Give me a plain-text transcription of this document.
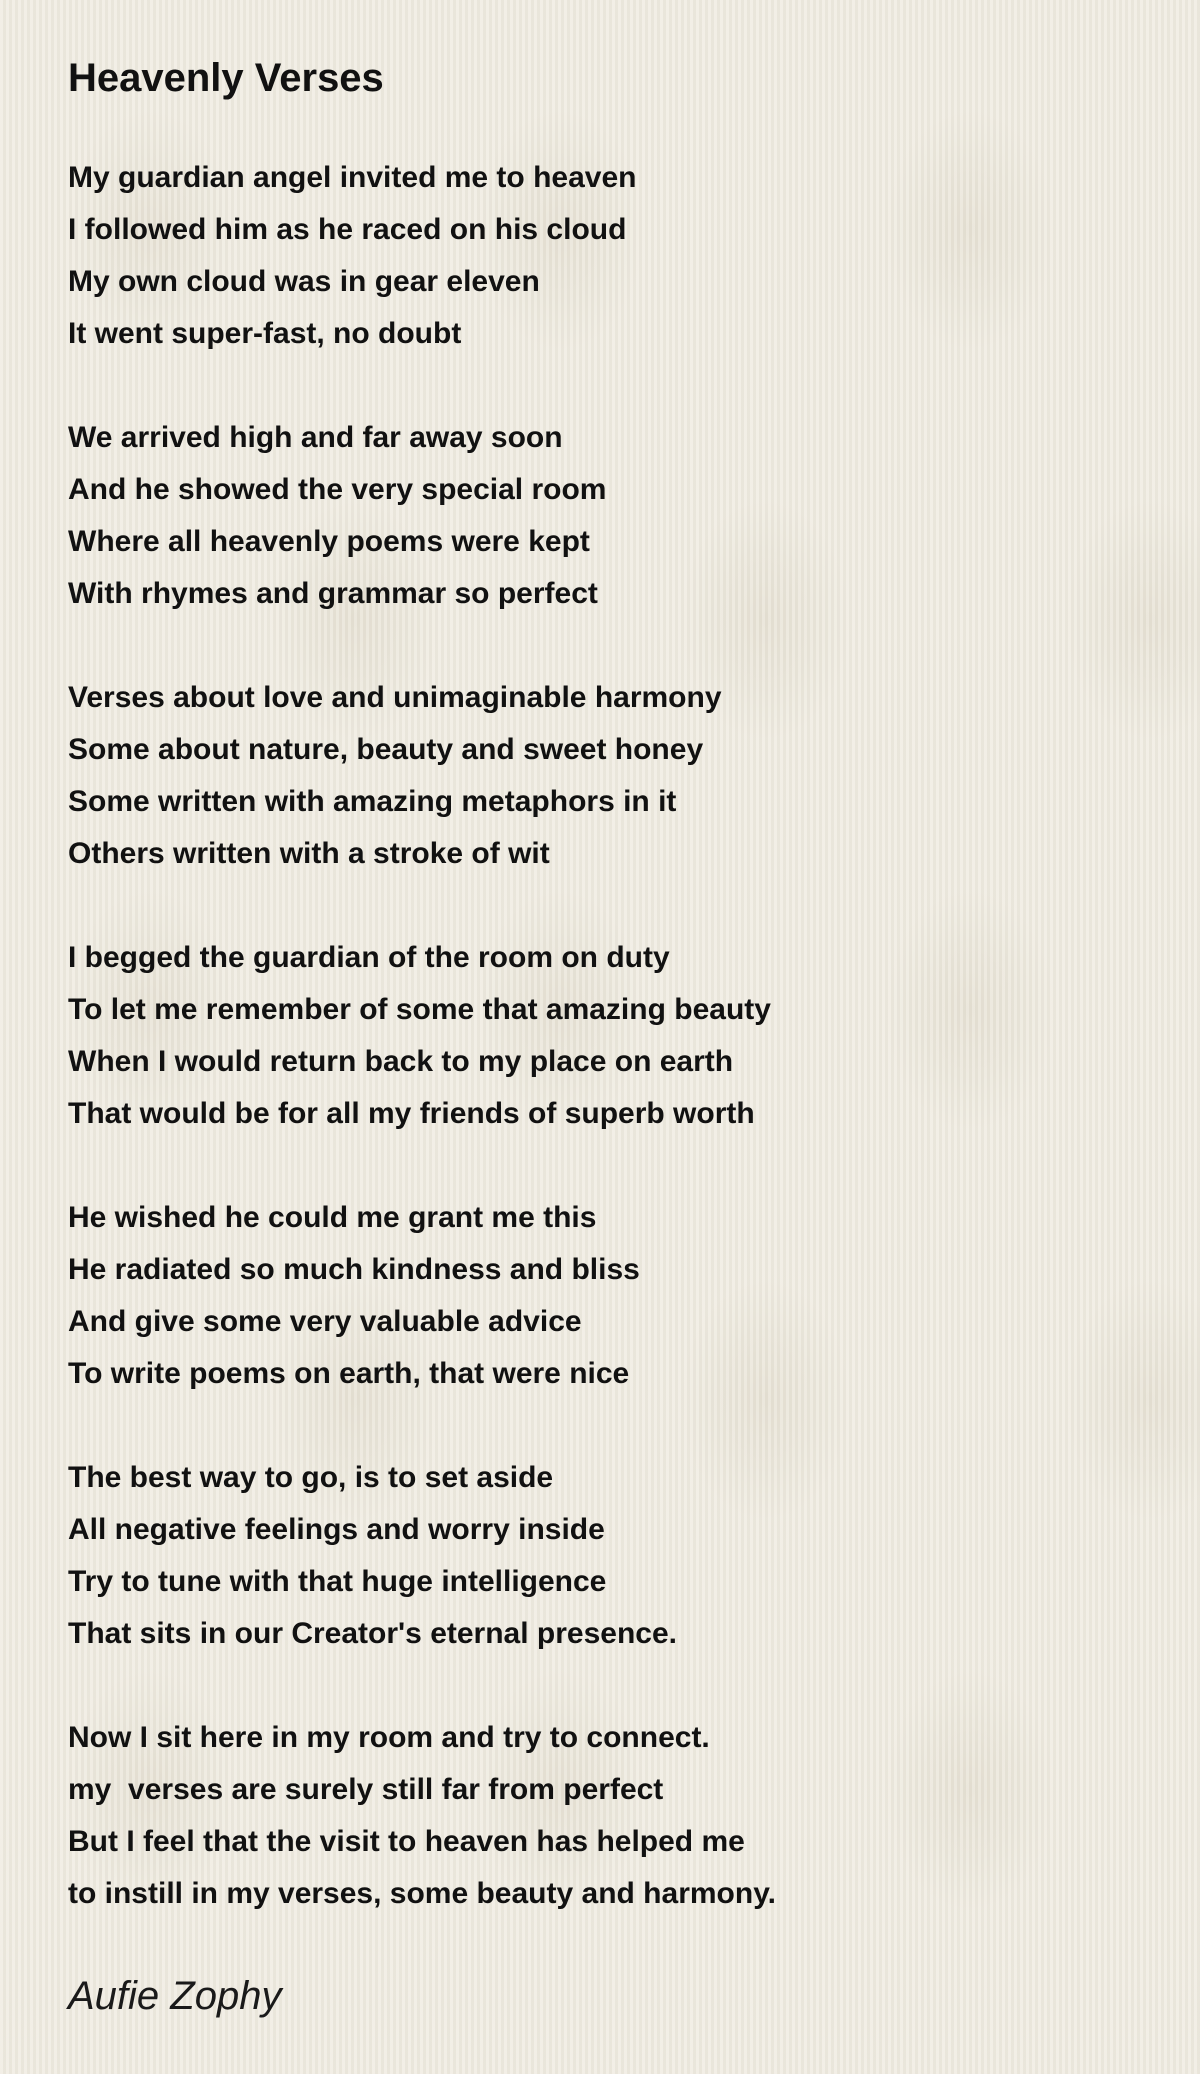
Heavenly Verses
My guardian angel invited me to heaven
I followed him as he raced on his cloud
My own cloud was in gear eleven
It went super-fast, no doubt
We arrived high and far away soon
And he showed the very special room
Where all heavenly poems were kept
With rhymes and grammar so perfect
Verses about love and unimaginable harmony
Some about nature, beauty and sweet honey
Some written with amazing metaphors in it
Others written with a stroke of wit
I begged the guardian of the room on duty
To let me remember of some that amazing beauty
When I would return back to my place on earth
That would be for all my friends of superb worth
He wished he could me grant me this
He radiated so much kindness and bliss
And give some very valuable advice
To write poems on earth, that were nice
The best way to go, is to set aside
All negative feelings and worry inside
Try to tune with that huge intelligence
That sits in our Creator's eternal presence.
Now I sit here in my room and try to connect.
my  verses are surely still far from perfect
But I feel that the visit to heaven has helped me
to instill in my verses, some beauty and harmony.
Aufie Zophy
